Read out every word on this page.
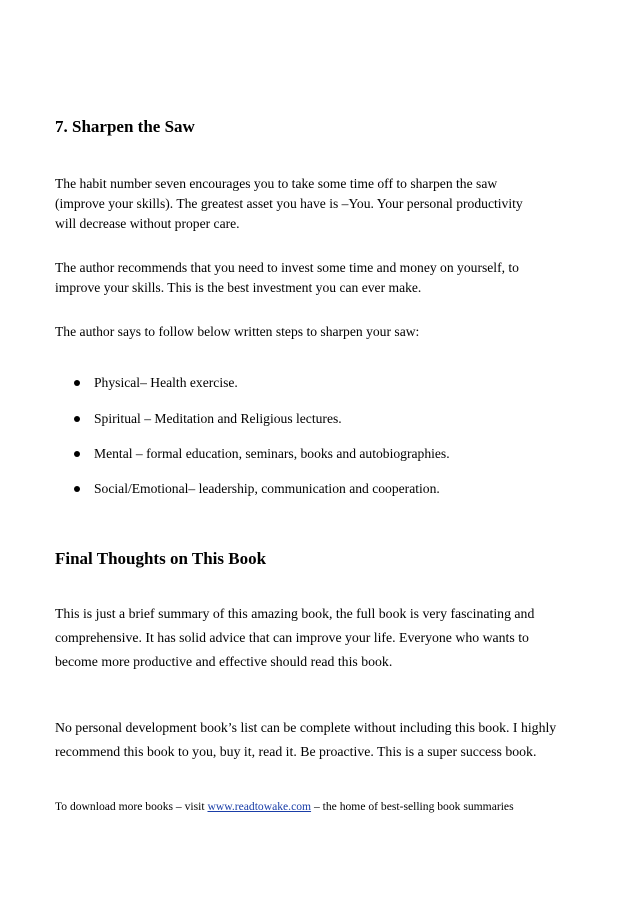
7. Sharpen the Saw
The habit number seven encourages you to take some time off to sharpen the saw
(improve your skills). The greatest asset you have is –You. Your personal productivity
will decrease without proper care.
The author recommends that you need to invest some time and money on yourself, to
improve your skills. This is the best investment you can ever make.
The author says to follow below written steps to sharpen your saw:
Physical– Health exercise.
Spiritual – Meditation and Religious lectures.
Mental – formal education, seminars, books and autobiographies.
Social/Emotional– leadership, communication and cooperation.
Final Thoughts on This Book
This is just a brief summary of this amazing book, the full book is very fascinating and
comprehensive. It has solid advice that can improve your life. Everyone who wants to
become more productive and effective should read this book.
No personal development book’s list can be complete without including this book. I highly
recommend this book to you, buy it, read it. Be proactive. This is a super success book.
To download more books – visit www.readtowake.com – the home of best-selling book summaries
